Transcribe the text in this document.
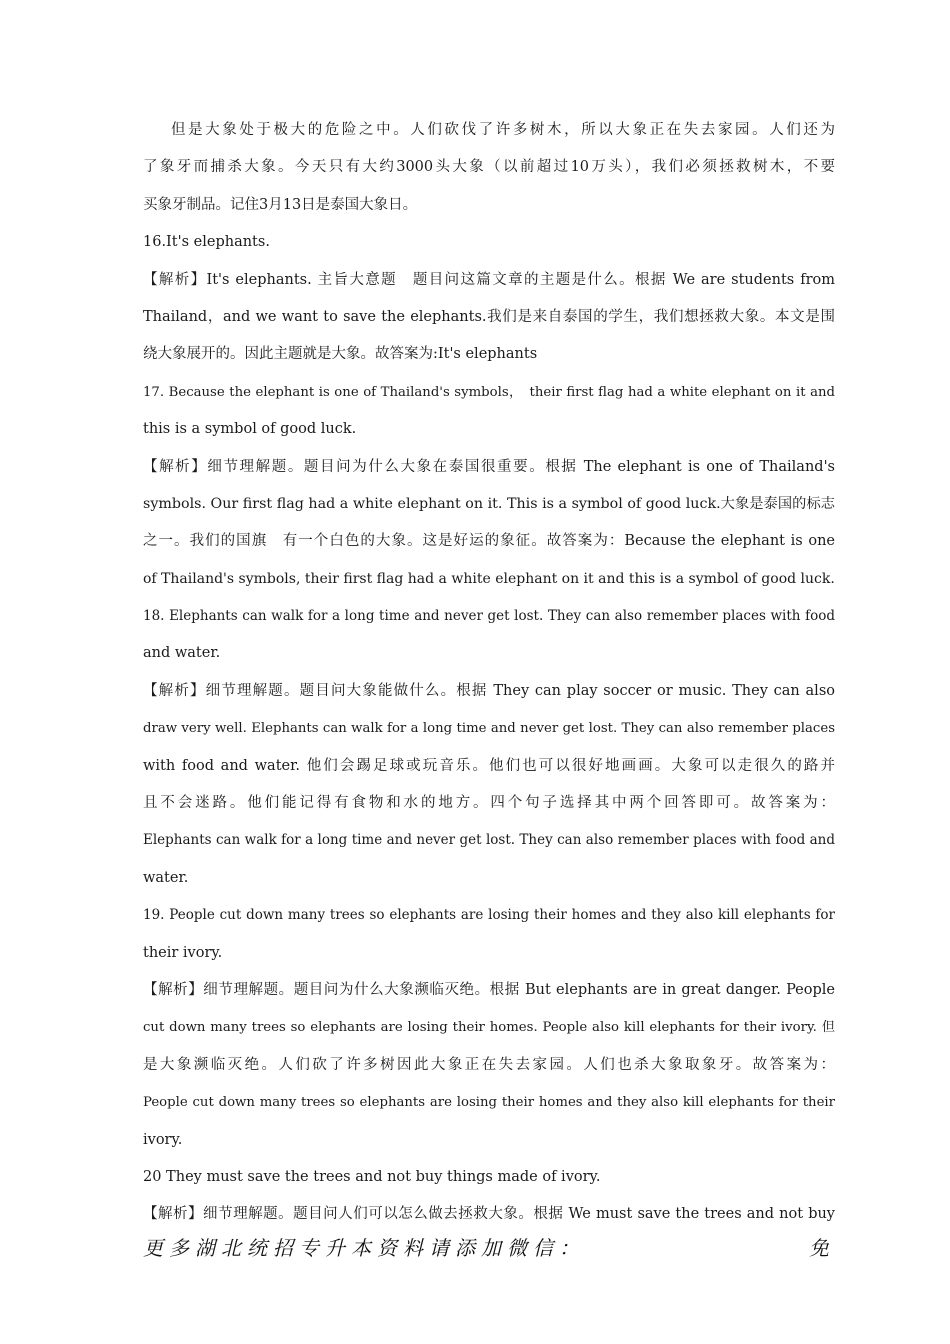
但是大象处于极大的危险之中。人们砍伐了许多树木，所以大象正在失去家园。人们还为
了象牙而捕杀大象。今天只有大约3000头大象（以前超过10万头），我们必须拯救树木，不要
买象牙制品。记住3月13日是泰国大象日。
16.It's elephants.
【解析】It's elephants. 主旨大意题　题目问这篇文章的主题是什么。根据 We are students from
Thailand，and we want to save the elephants.我们是来自泰国的学生，我们想拯救大象。本文是围
绕大象展开的。因此主题就是大象。故答案为:It's elephants
17. Because the elephant is one of Thailand's symbols，　their first flag had a white elephant on it and
this is a symbol of good luck.
【解析】细节理解题。题目问为什么大象在泰国很重要。根据 The elephant is one of Thailand's
symbols. Our first flag had a white elephant on it. This is a symbol of good luck.大象是泰国的标志
之一。我们的国旗　有一个白色的大象。这是好运的象征。故答案为：Because the elephant is one
of Thailand's symbols, their first flag had a white elephant on it and this is a symbol of good luck.
18. Elephants can walk for a long time and never get lost. They can also remember places with food
and water.
【解析】细节理解题。题目问大象能做什么。根据 They can play soccer or music. They can also
draw very well. Elephants can walk for a long time and never get lost. They can also remember places
with food and water. 他们会踢足球或玩音乐。他们也可以很好地画画。大象可以走很久的路并
且不会迷路。他们能记得有食物和水的地方。四个句子选择其中两个回答即可。故答案为：
Elephants can walk for a long time and never get lost. They can also remember places with food and
water.
19. People cut down many trees so elephants are losing their homes and they also kill elephants for
their ivory.
【解析】细节理解题。题目问为什么大象濒临灭绝。根据 But elephants are in great danger. People
cut down many trees so elephants are losing their homes. People also kill elephants for their ivory. 但
是大象濒临灭绝。人们砍了许多树因此大象正在失去家园。人们也杀大象取象牙。故答案为：
People cut down many trees so elephants are losing their homes and they also kill elephants for their
ivory.
20 They must save the trees and not buy things made of ivory.
【解析】细节理解题。题目问人们可以怎么做去拯救大象。根据 We must save the trees and not buy
更多湖北统招专升本资料请添加微信：	免
